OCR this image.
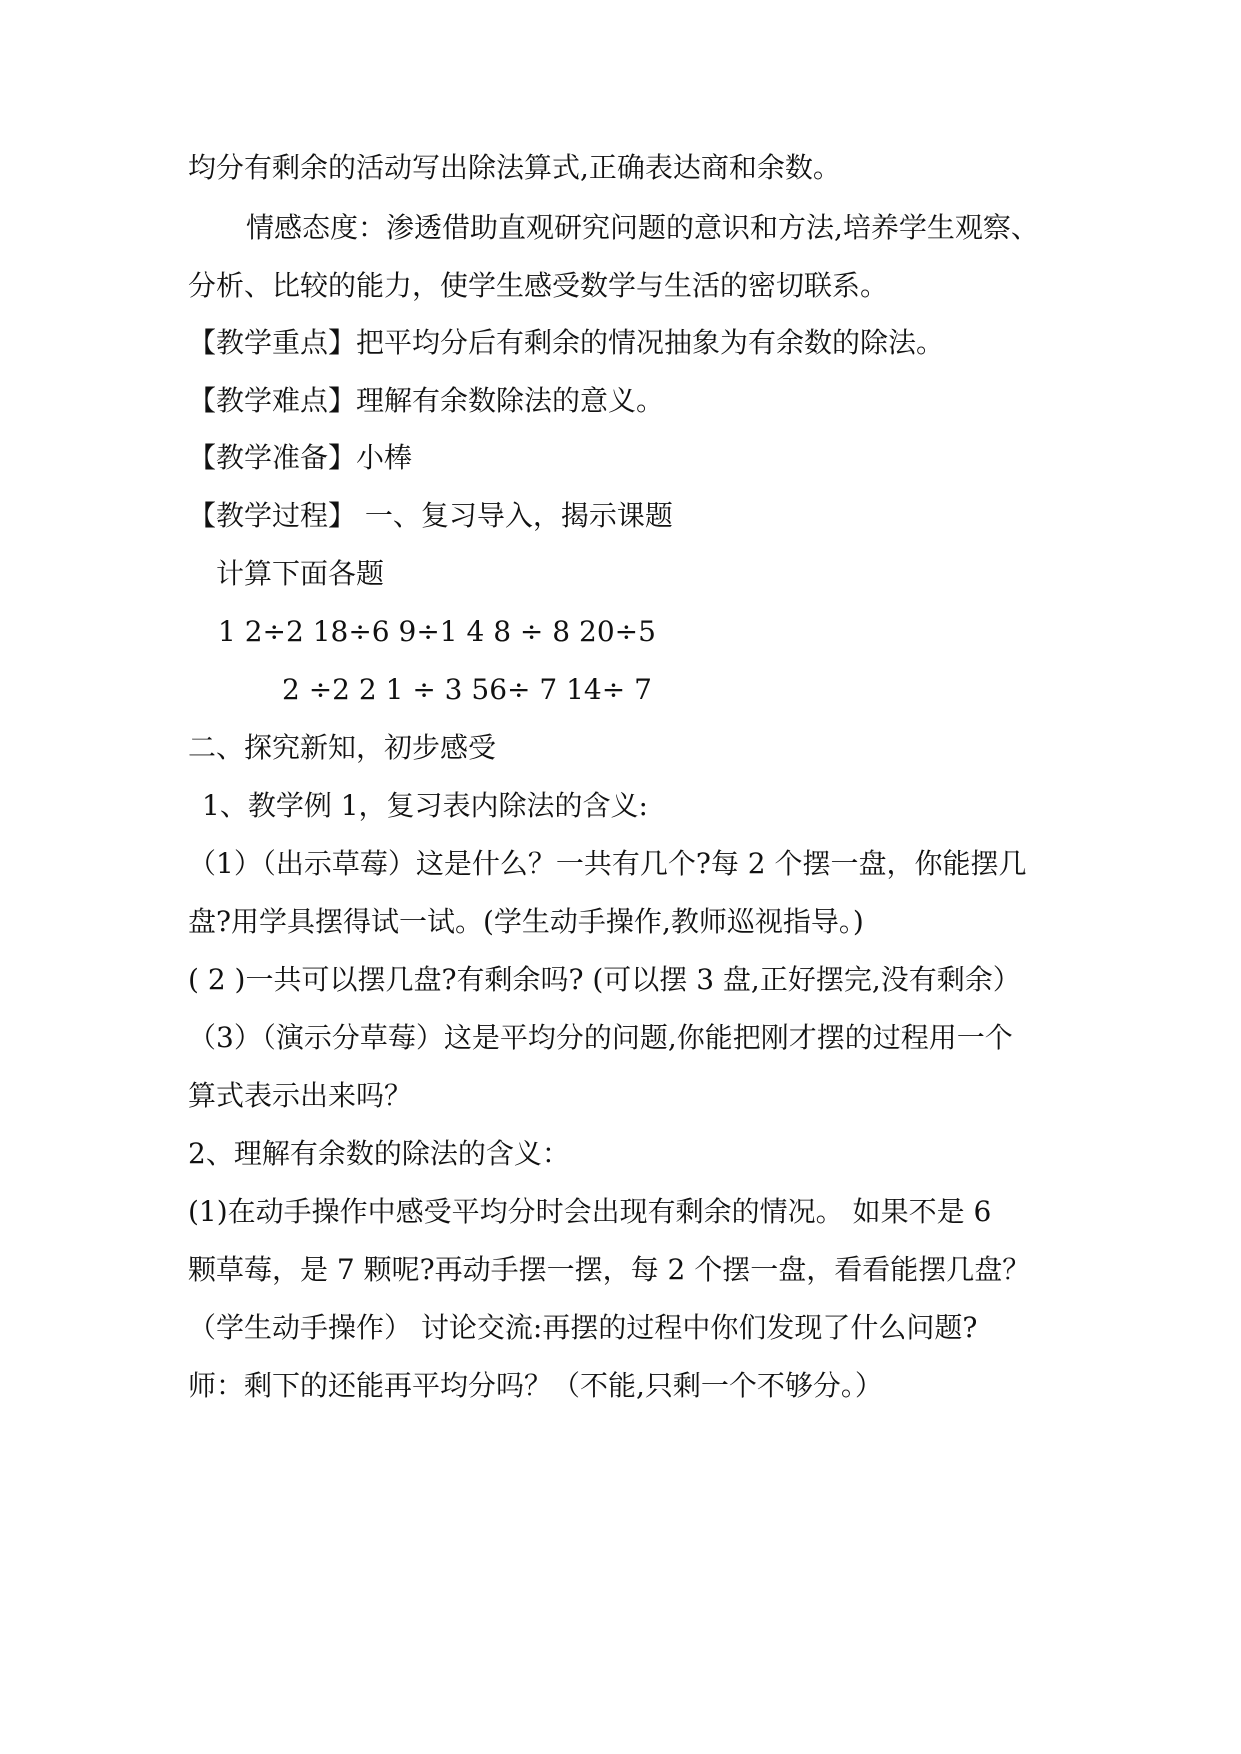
均分有剩余的活动写出除法算式,正确表达商和余数。
情感态度：渗透借助直观研究问题的意识和方法,培养学生观察、
分析、比较的能力，使学生感受数学与生活的密切联系。
【教学重点】把平均分后有剩余的情况抽象为有余数的除法。
【教学难点】理解有余数除法的意义。
【教学准备】小棒
【教学过程】 一、复习导入，揭示课题
计算下面各题
1 2÷2 18÷6 9÷1 4 8 ÷ 8 20÷5
2 ÷2 2 1 ÷ 3 56÷ 7 14÷ 7
二、探究新知，初步感受
1、教学例 1，复习表内除法的含义:
（1）（出示草莓）这是什么？一共有几个?每 2 个摆一盘，你能摆几
盘?用学具摆得试一试。(学生动手操作,教师巡视指导。)
( 2 )一共可以摆几盘?有剩余吗? (可以摆 3 盘,正好摆完,没有剩余）
（3）（演示分草莓）这是平均分的问题,你能把刚才摆的过程用一个
算式表示出来吗？
2、理解有余数的除法的含义：
(1)在动手操作中感受平均分时会出现有剩余的情况。 如果不是 6
颗草莓，是 7 颗呢?再动手摆一摆，每 2 个摆一盘，看看能摆几盘？
（学生动手操作） 讨论交流:再摆的过程中你们发现了什么问题?
师：剩下的还能再平均分吗？（不能,只剩一个不够分。）
